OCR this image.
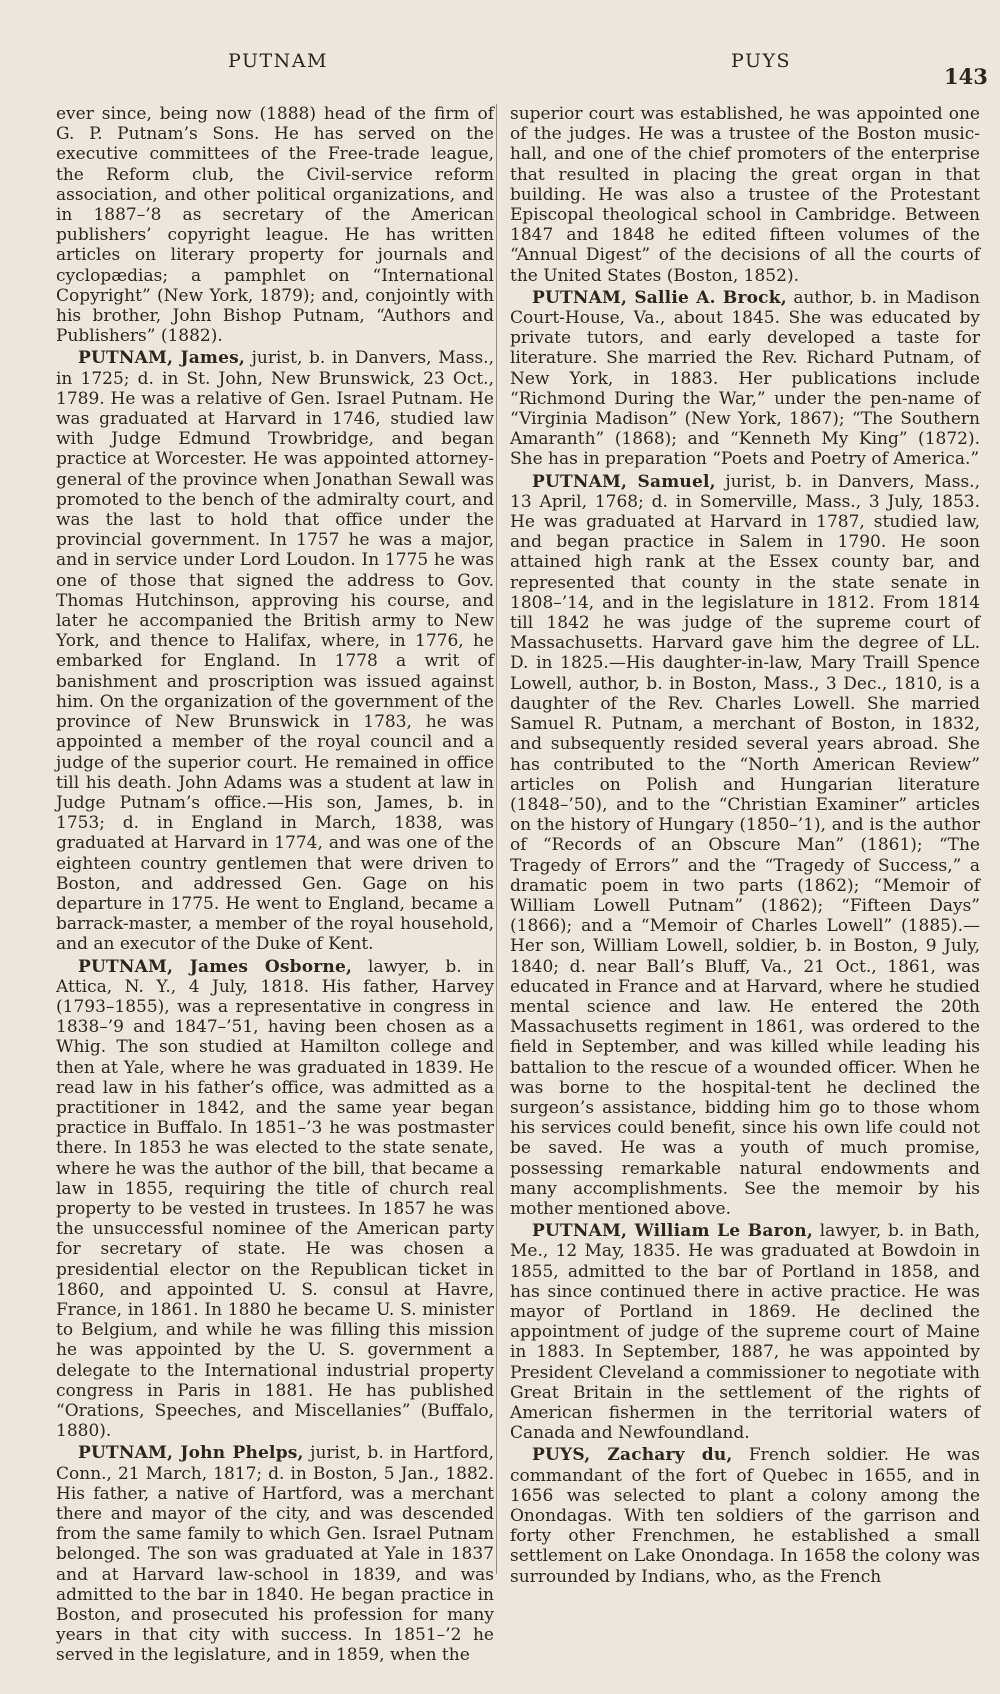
PUTNAM	PUYS
143

ever since, being now (1888) head of the firm of G. P. Putnam’s Sons. He has served on the executive committees of the Free-trade league, the Reform club, the Civil-service reform association, and other political organizations, and in 1887–’8 as secretary of the American publishers’ copyright league. He has written articles on literary property for journals and cyclopædias; a pamphlet on “International Copyright” (New York, 1879); and, conjointly with his brother, John Bishop Putnam, “Authors and Publishers” (1882).

PUTNAM, James, jurist, b. in Danvers, Mass., in 1725; d. in St. John, New Brunswick, 23 Oct., 1789. He was a relative of Gen. Israel Putnam. He was graduated at Harvard in 1746, studied law with Judge Edmund Trowbridge, and began practice at Worcester. He was appointed attorney-general of the province when Jonathan Sewall was promoted to the bench of the admiralty court, and was the last to hold that office under the provincial government. In 1757 he was a major, and in service under Lord Loudon. In 1775 he was one of those that signed the address to Gov. Thomas Hutchinson, approving his course, and later he accompanied the British army to New York, and thence to Halifax, where, in 1776, he embarked for England. In 1778 a writ of banishment and proscription was issued against him. On the organization of the government of the province of New Brunswick in 1783, he was appointed a member of the royal council and a judge of the superior court. He remained in office till his death. John Adams was a student at law in Judge Putnam’s office.—His son, James, b. in 1753; d. in England in March, 1838, was graduated at Harvard in 1774, and was one of the eighteen country gentlemen that were driven to Boston, and addressed Gen. Gage on his departure in 1775. He went to England, became a barrack-master, a member of the royal household, and an executor of the Duke of Kent.

PUTNAM, James Osborne, lawyer, b. in Attica, N. Y., 4 July, 1818. His father, Harvey (1793–1855), was a representative in congress in 1838–’9 and 1847–’51, having been chosen as a Whig. The son studied at Hamilton college and then at Yale, where he was graduated in 1839. He read law in his father’s office, was admitted as a practitioner in 1842, and the same year began practice in Buffalo. In 1851–’3 he was postmaster there. In 1853 he was elected to the state senate, where he was the author of the bill, that became a law in 1855, requiring the title of church real property to be vested in trustees. In 1857 he was the unsuccessful nominee of the American party for secretary of state. He was chosen a presidential elector on the Republican ticket in 1860, and appointed U. S. consul at Havre, France, in 1861. In 1880 he became U. S. minister to Belgium, and while he was filling this mission he was appointed by the U. S. government a delegate to the International industrial property congress in Paris in 1881. He has published “Orations, Speeches, and Miscellanies” (Buffalo, 1880).

PUTNAM, John Phelps, jurist, b. in Hartford, Conn., 21 March, 1817; d. in Boston, 5 Jan., 1882. His father, a native of Hartford, was a merchant there and mayor of the city, and was descended from the same family to which Gen. Israel Putnam belonged. The son was graduated at Yale in 1837 and at Harvard law-school in 1839, and was admitted to the bar in 1840. He began practice in Boston, and prosecuted his profession for many years in that city with success. In 1851–’2 he served in the legislature, and in 1859, when the

superior court was established, he was appointed one of the judges. He was a trustee of the Boston music-hall, and one of the chief promoters of the enterprise that resulted in placing the great organ in that building. He was also a trustee of the Protestant Episcopal theological school in Cambridge. Between 1847 and 1848 he edited fifteen volumes of the “Annual Digest” of the decisions of all the courts of the United States (Boston, 1852).

PUTNAM, Sallie A. Brock, author, b. in Madison Court-House, Va., about 1845. She was educated by private tutors, and early developed a taste for literature. She married the Rev. Richard Putnam, of New York, in 1883. Her publications include “Richmond During the War,” under the pen-name of “Virginia Madison” (New York, 1867); “The Southern Amaranth” (1868); and “Kenneth My King” (1872). She has in preparation “Poets and Poetry of America.”

PUTNAM, Samuel, jurist, b. in Danvers, Mass., 13 April, 1768; d. in Somerville, Mass., 3 July, 1853. He was graduated at Harvard in 1787, studied law, and began practice in Salem in 1790. He soon attained high rank at the Essex county bar, and represented that county in the state senate in 1808–’14, and in the legislature in 1812. From 1814 till 1842 he was judge of the supreme court of Massachusetts. Harvard gave him the degree of LL. D. in 1825.—His daughter-in-law, Mary Traill Spence Lowell, author, b. in Boston, Mass., 3 Dec., 1810, is a daughter of the Rev. Charles Lowell. She married Samuel R. Putnam, a merchant of Boston, in 1832, and subsequently resided several years abroad. She has contributed to the “North American Review” articles on Polish and Hungarian literature (1848–’50), and to the “Christian Examiner” articles on the history of Hungary (1850–’1), and is the author of “Records of an Obscure Man” (1861); “The Tragedy of Errors” and the “Tragedy of Success,” a dramatic poem in two parts (1862); “Memoir of William Lowell Putnam” (1862); “Fifteen Days” (1866); and a “Memoir of Charles Lowell” (1885).—Her son, William Lowell, soldier, b. in Boston, 9 July, 1840; d. near Ball’s Bluff, Va., 21 Oct., 1861, was educated in France and at Harvard, where he studied mental science and law. He entered the 20th Massachusetts regiment in 1861, was ordered to the field in September, and was killed while leading his battalion to the rescue of a wounded officer. When he was borne to the hospital-tent he declined the surgeon’s assistance, bidding him go to those whom his services could benefit, since his own life could not be saved. He was a youth of much promise, possessing remarkable natural endowments and many accomplishments. See the memoir by his mother mentioned above.

PUTNAM, William Le Baron, lawyer, b. in Bath, Me., 12 May, 1835. He was graduated at Bowdoin in 1855, admitted to the bar of Portland in 1858, and has since continued there in active practice. He was mayor of Portland in 1869. He declined the appointment of judge of the supreme court of Maine in 1883. In September, 1887, he was appointed by President Cleveland a commissioner to negotiate with Great Britain in the settlement of the rights of American fishermen in the territorial waters of Canada and Newfoundland.

PUYS, Zachary du, French soldier. He was commandant of the fort of Quebec in 1655, and in 1656 was selected to plant a colony among the Onondagas. With ten soldiers of the garrison and forty other Frenchmen, he established a small settlement on Lake Onondaga. In 1658 the colony was surrounded by Indians, who, as the French
